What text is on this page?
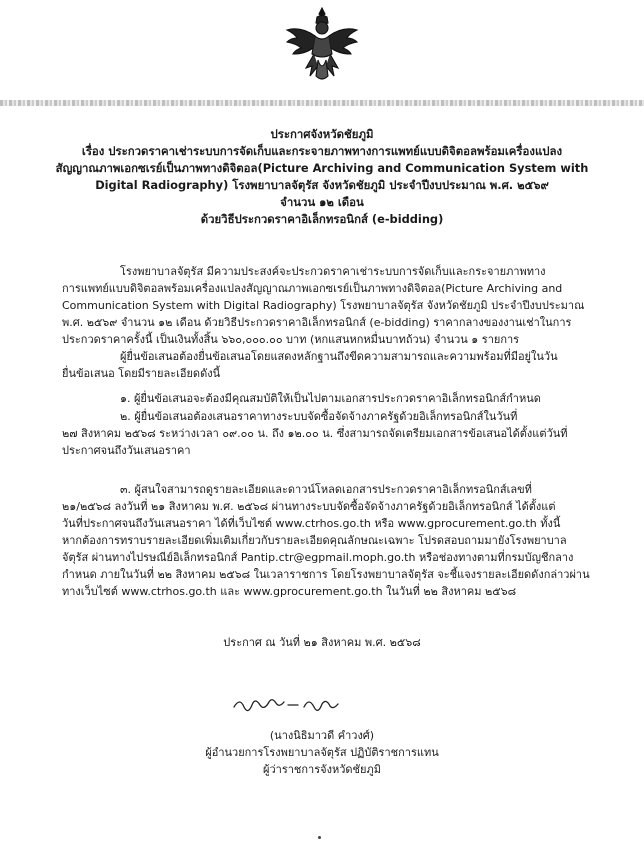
ประกาศจังหวัดชัยภูมิ
เรื่อง ประกวดราคาเช่าระบบการจัดเก็บและกระจายภาพทางการแพทย์แบบดิจิตอลพร้อมเครื่องแปลง
สัญญาณภาพเอกซเรย์เป็นภาพทางดิจิตอล(Picture Archiving and Communication System with
Digital Radiography) โรงพยาบาลจัตุรัส จังหวัดชัยภูมิ ประจำปีงบประมาณ พ.ศ. ๒๕๖๙
จำนวน ๑๒ เดือน
ด้วยวิธีประกวดราคาอิเล็กทรอนิกส์ (e-bidding)
โรงพยาบาลจัตุรัส มีความประสงค์จะประกวดราคาเช่าระบบการจัดเก็บและกระจายภาพทาง
การแพทย์แบบดิจิตอลพร้อมเครื่องแปลงสัญญาณภาพเอกซเรย์เป็นภาพทางดิจิตอล(Picture Archiving and
Communication System with Digital Radiography) โรงพยาบาลจัตุรัส จังหวัดชัยภูมิ ประจำปีงบประมาณ
พ.ศ. ๒๕๖๙ จำนวน ๑๒ เดือน ด้วยวิธีประกวดราคาอิเล็กทรอนิกส์ (e-bidding) ราคากลางของงานเช่าในการ
ประกวดราคาครั้งนี้ เป็นเงินทั้งสิ้น ๖๖๐,๐๐๐.๐๐ บาท (หกแสนหกหมื่นบาทถ้วน) จำนวน ๑ รายการ
ผู้ยื่นข้อเสนอต้องยื่นข้อเสนอโดยแสดงหลักฐานถึงขีดความสามารถและความพร้อมที่มีอยู่ในวัน
ยื่นข้อเสนอ โดยมีรายละเอียดดังนี้
๑. ผู้ยื่นข้อเสนอจะต้องมีคุณสมบัติให้เป็นไปตามเอกสารประกวดราคาอิเล็กทรอนิกส์กำหนด
๒. ผู้ยื่นข้อเสนอต้องเสนอราคาทางระบบจัดซื้อจัดจ้างภาครัฐด้วยอิเล็กทรอนิกส์ในวันที่
๒๗ สิงหาคม ๒๕๖๘ ระหว่างเวลา ๐๙.๐๐ น. ถึง ๑๒.๐๐ น. ซึ่งสามารถจัดเตรียมเอกสารข้อเสนอได้ตั้งแต่วันที่
ประกาศจนถึงวันเสนอราคา
๓. ผู้สนใจสามารถดูรายละเอียดและดาวน์โหลดเอกสารประกวดราคาอิเล็กทรอนิกส์เลขที่
๒๑/๒๕๖๘ ลงวันที่ ๒๑ สิงหาคม พ.ศ. ๒๕๖๘ ผ่านทางระบบจัดซื้อจัดจ้างภาครัฐด้วยอิเล็กทรอนิกส์ ได้ตั้งแต่
วันที่ประกาศจนถึงวันเสนอราคา ได้ที่เว็บไซต์ www.ctrhos.go.th หรือ www.gprocurement.go.th ทั้งนี้
หากต้องการทราบรายละเอียดเพิ่มเติมเกี่ยวกับรายละเอียดคุณลักษณะเฉพาะ โปรดสอบถามมายังโรงพยาบาล
จัตุรัส ผ่านทางไปรษณีย์อิเล็กทรอนิกส์ Pantip.ctr@egpmail.moph.go.th หรือช่องทางตามที่กรมบัญชีกลาง
กำหนด ภายในวันที่ ๒๒ สิงหาคม ๒๕๖๘ ในเวลาราชการ โดยโรงพยาบาลจัตุรัส จะชี้แจงรายละเอียดดังกล่าวผ่าน
ทางเว็บไซต์ www.ctrhos.go.th และ www.gprocurement.go.th ในวันที่ ๒๒ สิงหาคม ๒๕๖๘
ประกาศ ณ วันที่ ๒๑ สิงหาคม พ.ศ. ๒๕๖๘
(นางนิธิมาวดี คำวงศ์)
ผู้อำนวยการโรงพยาบาลจัตุรัส ปฏิบัติราชการแทน
ผู้ว่าราชการจังหวัดชัยภูมิ
